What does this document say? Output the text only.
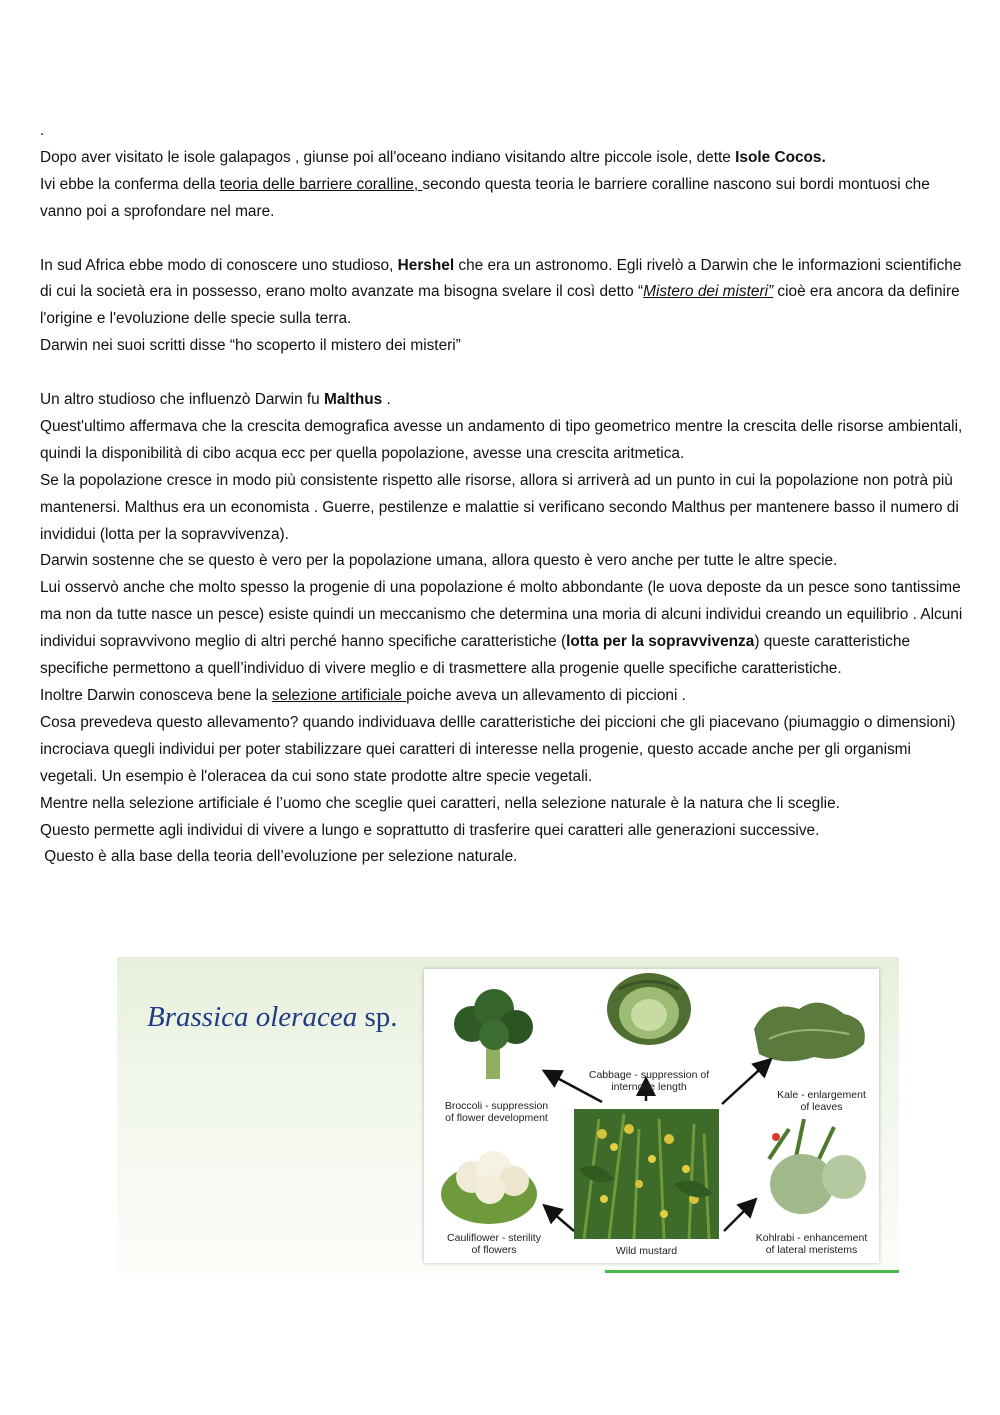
.

Dopo aver visitato le isole galapagos , giunse poi all'oceano indiano visitando altre piccole isole, dette Isole Cocos.

Ivi ebbe la conferma della teoria delle barriere coralline, secondo questa teoria le barriere coralline nascono sui bordi montuosi che vanno poi a sprofondare nel mare.

In sud Africa ebbe modo di conoscere uno studioso, Hershel che era un astronomo. Egli rivelò a Darwin che le informazioni scientifiche di cui la società era in possesso, erano molto avanzate ma bisogna svelare il così detto “Mistero dei misteri” cioè era ancora da definire l'origine e l'evoluzione delle specie sulla terra.

Darwin nei suoi scritti disse “ho scoperto il mistero dei misteri”

Un altro studioso che influenzò Darwin fu Malthus .

Quest'ultimo affermava che la crescita demografica avesse un andamento di tipo geometrico mentre la crescita delle risorse ambientali, quindi la disponibilità di cibo acqua ecc per quella popolazione, avesse una crescita aritmetica.

Se la popolazione cresce in modo più consistente rispetto alle risorse, allora si arriverà ad un punto in cui la popolazione non potrà più mantenersi. Malthus era un economista . Guerre, pestilenze e malattie si verificano secondo Malthus per mantenere basso il numero di invididui (lotta per la sopravvivenza).

Darwin sostenne che se questo è vero per la popolazione umana, allora questo è vero anche per tutte le altre specie.

Lui osservò anche che molto spesso la progenie di una popolazione é molto abbondante (le uova deposte da un pesce sono tantissime ma non da tutte nasce un pesce) esiste quindi un meccanismo che determina una moria di alcuni individui creando un equilibrio . Alcuni individui sopravvivono meglio di altri perché hanno specifiche caratteristiche (lotta per la sopravvivenza) queste caratteristiche specifiche permettono a quell’individuo di vivere meglio e di trasmettere alla progenie quelle specifiche caratteristiche.

Inoltre Darwin conosceva bene la selezione artificiale poiche aveva un allevamento di piccioni .

Cosa prevedeva questo allevamento? quando individuava dellle caratteristiche dei piccioni che gli piacevano (piumaggio o dimensioni) incrociava quegli individui per poter stabilizzare quei caratteri di interesse nella progenie, questo accade anche per gli organismi vegetali. Un esempio è l'oleracea da cui sono state prodotte altre specie vegetali.

Mentre nella selezione artificiale é l’uomo che sceglie quei caratteri, nella selezione naturale è la natura che li sceglie.

Questo permette agli individui di vivere a lungo e soprattutto di trasferire quei caratteri alle generazioni successive.

Questo è alla base della teoria dell’evoluzione per selezione naturale.

Brassica oleracea sp.

Cabbage - suppression of
internode length
Broccoli - suppression
of flower development
Kale - enlargement
of leaves
Cauliflower - sterility
of flowers	Wild mustard
Kohlrabi - enhancement
of lateral meristems
